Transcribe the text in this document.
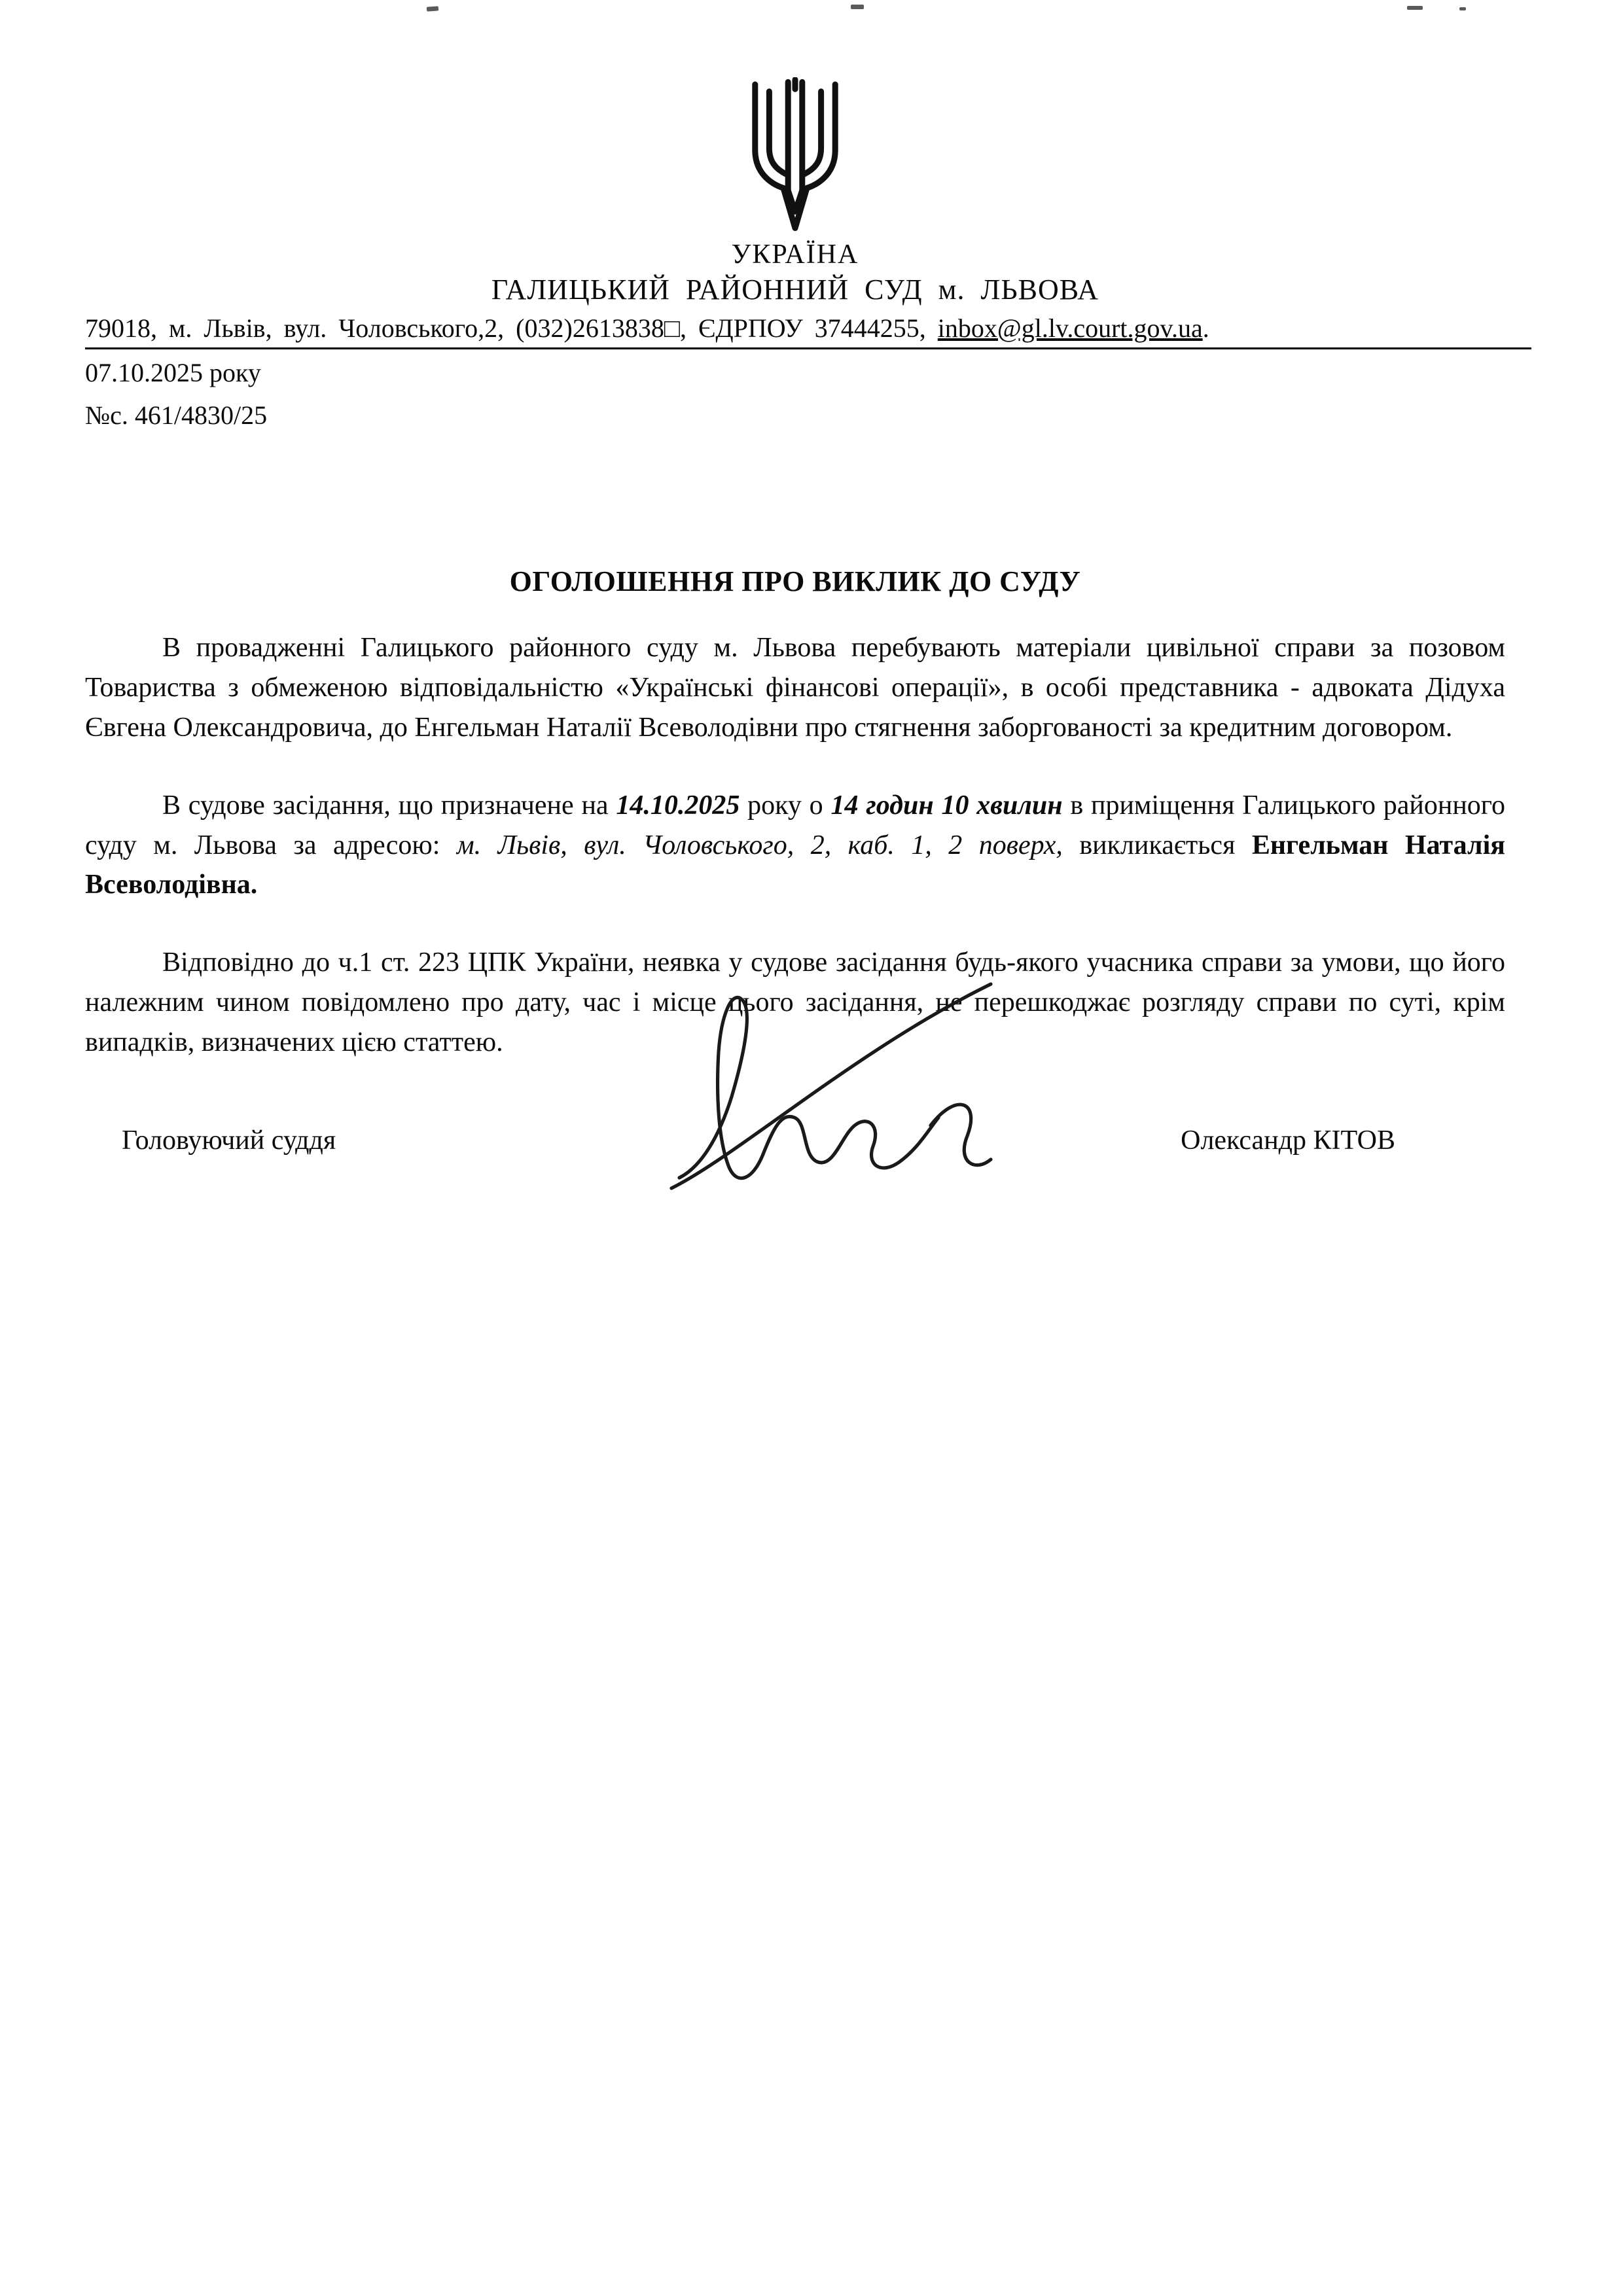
УКРАЇНА
ГАЛИЦЬКИЙ РАЙОННИЙ СУД м. ЛЬВОВА
79018, м. Львів, вул. Чоловського,2, (032)2613838□, ЄДРПОУ 37444255, inbox@gl.lv.court.gov.ua.
07.10.2025 року
№с. 461/4830/25
ОГОЛОШЕННЯ ПРО ВИКЛИК ДО СУДУ

В провадженні Галицького районного суду м. Львова перебувають матеріали цивільної справи за позовом Товариства з обмеженою відповідальністю «Українські фінансові операції», в особі представника - адвоката Дідуха Євгена Олександровича, до Енгельман Наталії Всеволодівни про стягнення заборгованості за кредитним договором.

В судове засідання, що призначене на 14.10.2025 року о 14 годин 10 хвилин в приміщення Галицького районного суду м. Львова за адресою: м. Львів, вул. Чоловського, 2, каб. 1, 2 поверх, викликається Енгельман Наталія Всеволодівна.

Відповідно до ч.1 ст. 223 ЦПК України, неявка у судове засідання будь-якого учасника справи за умови, що його належним чином повідомлено про дату, час і місце цього засідання, не перешкоджає розгляду справи по суті, крім випадків, визначених цією статтею.

Головуючий суддя	Олександр КІТОВ
